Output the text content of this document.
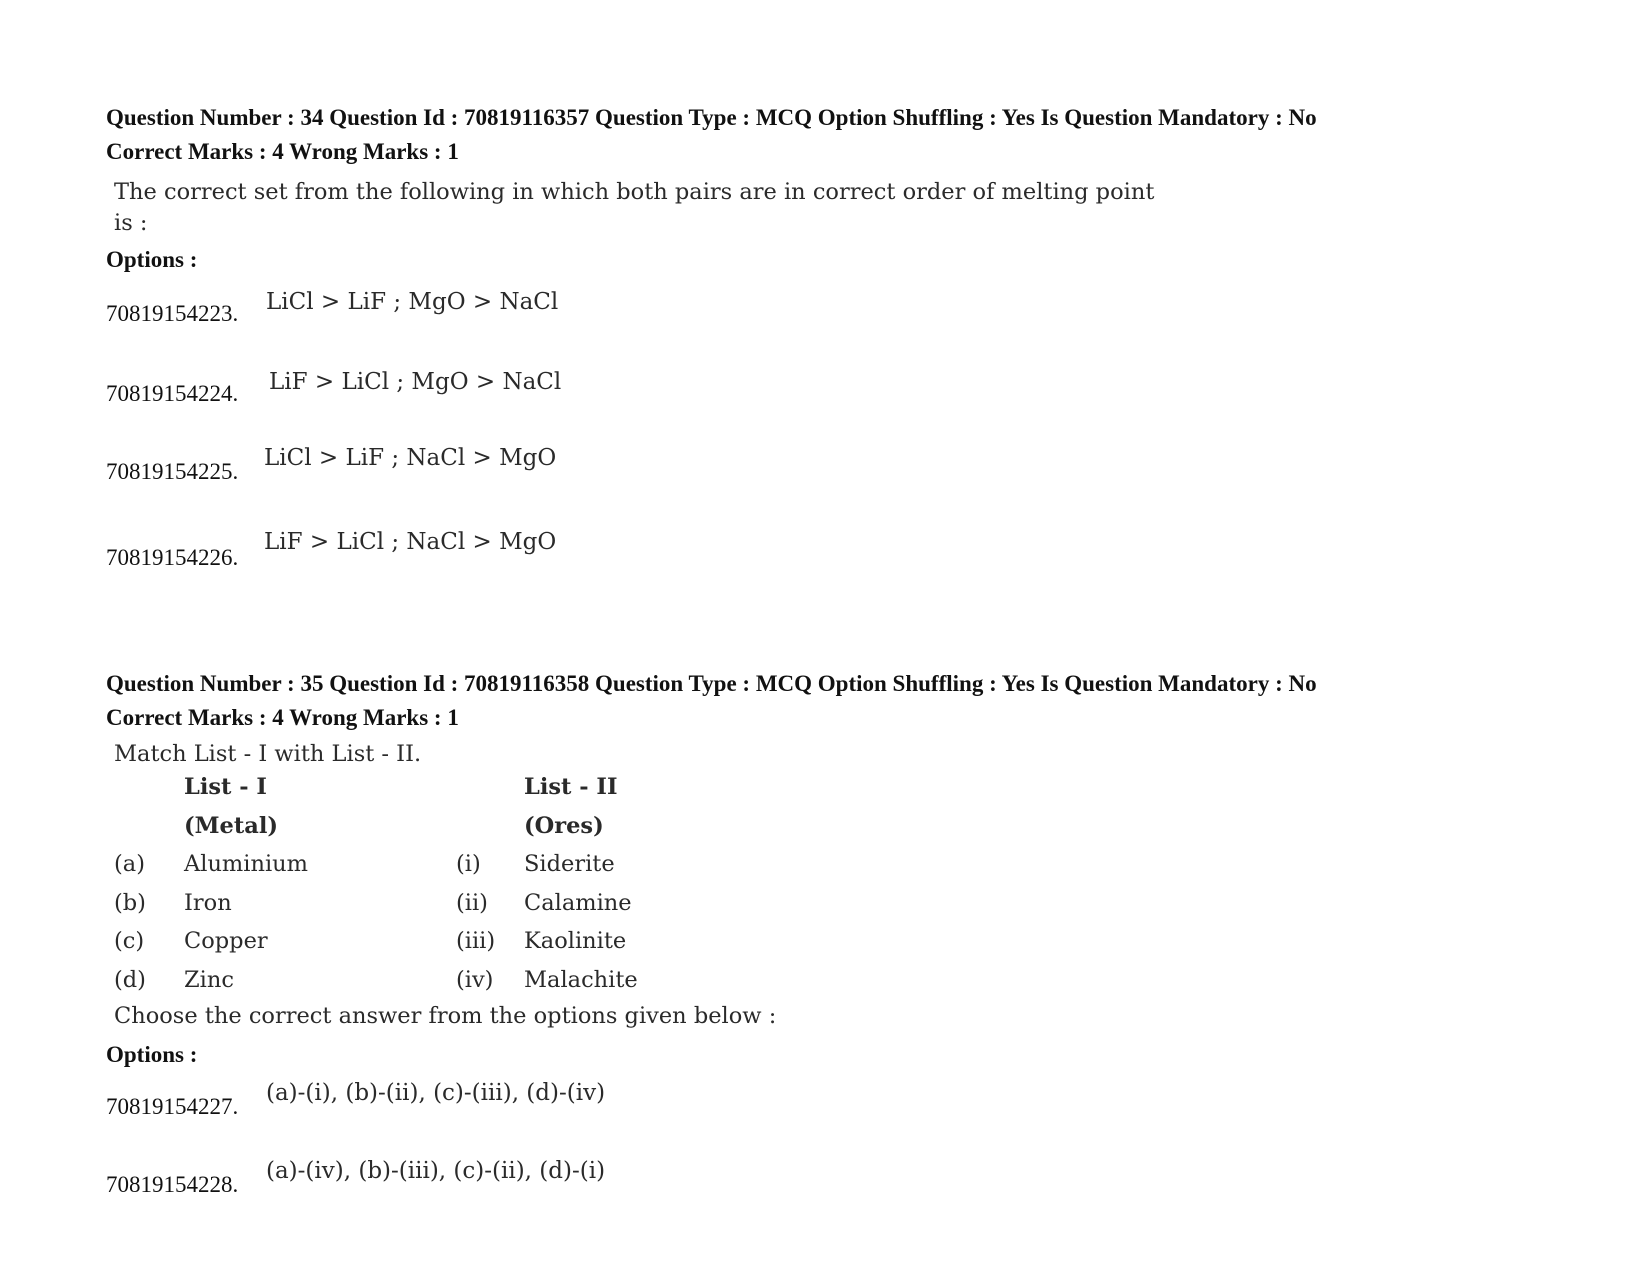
Question Number : 34 Question Id : 70819116357 Question Type : MCQ Option Shuffling : Yes Is Question Mandatory : No
Correct Marks : 4 Wrong Marks : 1
The correct set from the following in which both pairs are in correct order of melting point
is :
Options :
70819154223. LiCl > LiF ; MgO > NaCl
70819154224. LiF > LiCl ; MgO > NaCl
70819154225.
LiCl > LiF ; NaCl > MgO
70819154226.
LiF > LiCl ; NaCl > MgO
Question Number : 35 Question Id : 70819116358 Question Type : MCQ Option Shuffling : Yes Is Question Mandatory : No
Correct Marks : 4 Wrong Marks : 1
Match List - I with List - II.
List - I	List - II
(Metal)	(Ores)
(a) Aluminium	(i) Siderite
(b) Iron	(ii) Calamine
(c) Copper	(iii) Kaolinite
(d) Zinc	(iv) Malachite
Choose the correct answer from the options given below :
Options :
70819154227.
(a)-(i), (b)-(ii), (c)-(iii), (d)-(iv)
70819154228.
(a)-(iv), (b)-(iii), (c)-(ii), (d)-(i)
